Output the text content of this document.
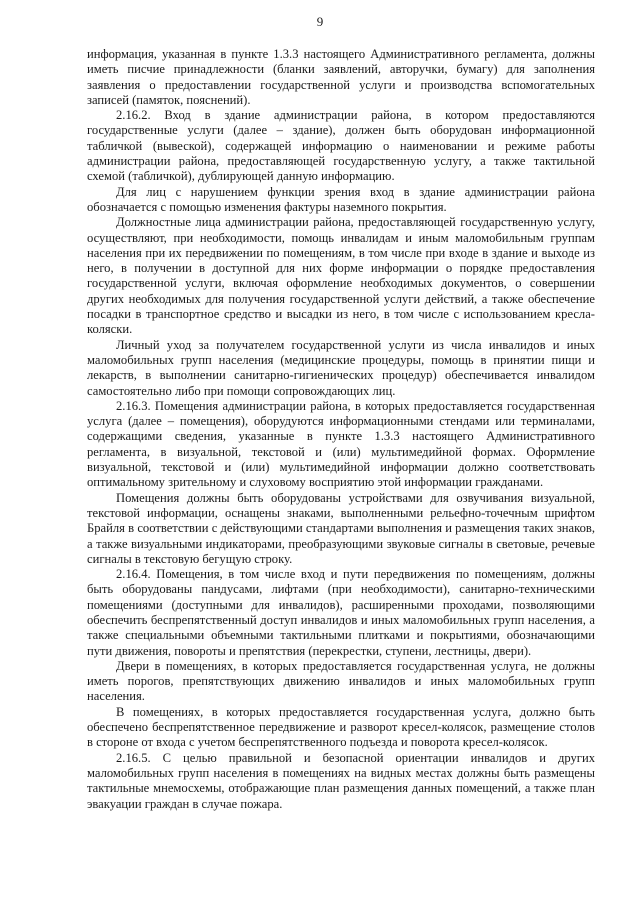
9

информация, указанная в пункте 1.3.3 настоящего Административного регламента, должны иметь писчие принадлежности (бланки заявлений, авторучки, бумагу) для заполнения заявления о предоставлении государственной услуги и производства вспомогательных записей (памяток, пояснений).

2.16.2. Вход в здание администрации района, в котором предоставляются государственные услуги (далее – здание), должен быть оборудован информационной табличкой (вывеской), содержащей информацию о наименовании и режиме работы администрации района, предоставляющей государственную услугу, а также тактильной схемой (табличкой), дублирующей данную информацию.

Для лиц с нарушением функции зрения вход в здание администрации района обозначается с помощью изменения фактуры наземного покрытия.

Должностные лица администрации района, предоставляющей государственную услугу, осуществляют, при необходимости, помощь инвалидам и иным маломобильным группам населения при их передвижении по помещениям, в том числе при входе в здание и выходе из него, в получении в доступной для них форме информации о порядке предоставления государственной услуги, включая оформление необходимых документов, о совершении других необходимых для получения государственной услуги действий, а также обеспечение посадки в транспортное средство и высадки из него, в том числе с использованием кресла-коляски.

Личный уход за получателем государственной услуги из числа инвалидов и иных маломобильных групп населения (медицинские процедуры, помощь в принятии пищи и лекарств, в выполнении санитарно-гигиенических процедур) обеспечивается инвалидом самостоятельно либо при помощи сопровождающих лиц.

2.16.3. Помещения администрации района, в которых предоставляется государственная услуга (далее – помещения), оборудуются информационными стендами или терминалами, содержащими сведения, указанные в пункте 1.3.3 настоящего Административного регламента, в визуальной, текстовой и (или) мультимедийной формах. Оформление визуальной, текстовой и (или) мультимедийной информации должно соответствовать оптимальному зрительному и слуховому восприятию этой информации гражданами.

Помещения должны быть оборудованы устройствами для озвучивания визуальной, текстовой информации, оснащены знаками, выполненными рельефно-точечным шрифтом Брайля в соответствии с действующими стандартами выполнения и размещения таких знаков, а также визуальными индикаторами, преобразующими звуковые сигналы в световые, речевые сигналы в текстовую бегущую строку.

2.16.4. Помещения, в том числе вход и пути передвижения по помещениям, должны быть оборудованы пандусами, лифтами (при необходимости), санитарно-техническими помещениями (доступными для инвалидов), расширенными проходами, позволяющими обеспечить беспрепятственный доступ инвалидов и иных маломобильных групп населения, а также специальными объемными тактильными плитками и покрытиями, обозначающими пути движения, повороты и препятствия (перекрестки, ступени, лестницы, двери).

Двери в помещениях, в которых предоставляется государственная услуга, не должны иметь порогов, препятствующих движению инвалидов и иных маломобильных групп населения.

В помещениях, в которых предоставляется государственная услуга, должно быть обеспечено беспрепятственное передвижение и разворот кресел-колясок, размещение столов в стороне от входа с учетом беспрепятственного подъезда и поворота кресел-колясок.

2.16.5. С целью правильной и безопасной ориентации инвалидов и других маломобильных групп населения в помещениях на видных местах должны быть размещены тактильные мнемосхемы, отображающие план размещения данных помещений, а также план эвакуации граждан в случае пожара.
